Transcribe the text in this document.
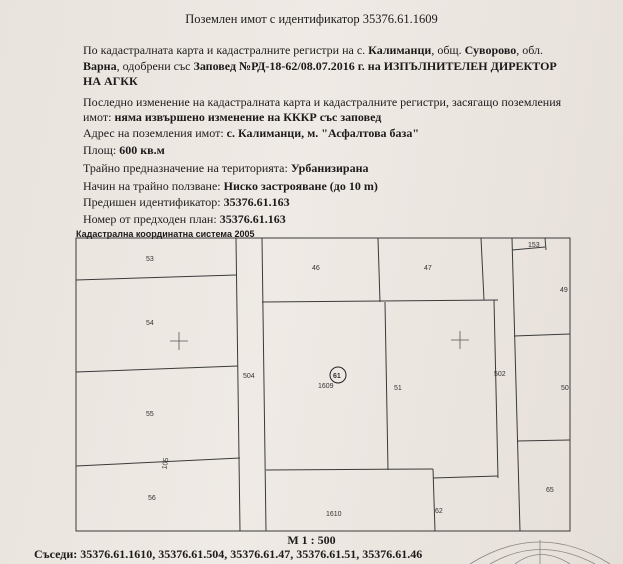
Поземлен имот с идентификатор 35376.61.1609
По кадастралната карта и кадастралните регистри на с. Калиманци, общ. Суворово, обл.
Варна, одобрени със Заповед №РД-18-62/08.07.2016 г. на ИЗПЪЛНИТЕЛЕН ДИРЕКТОР
НА АГКК
Последно изменение на кадастралната карта и кадастралните регистри, засягащо поземления
имот: няма извършено изменение на КККР със заповед
Адрес на поземления имот: с. Калиманци, м. "Асфалтова база"
Площ: 600 кв.м
Трайно предназначение на територията: Урбанизирана
Начин на трайно ползване: Ниско застрояване (до 10 m)
Предишен идентификатор: 35376.61.163
Номер от предходен план: 35376.61.163
Кадастрална координатна система 2005
53
54
55
56
105
46	47
61
1609	51
504	502
1610	62
153
49
50
65
М 1 : 500
Съседи: 35376.61.1610, 35376.61.504, 35376.61.47, 35376.61.51, 35376.61.46
